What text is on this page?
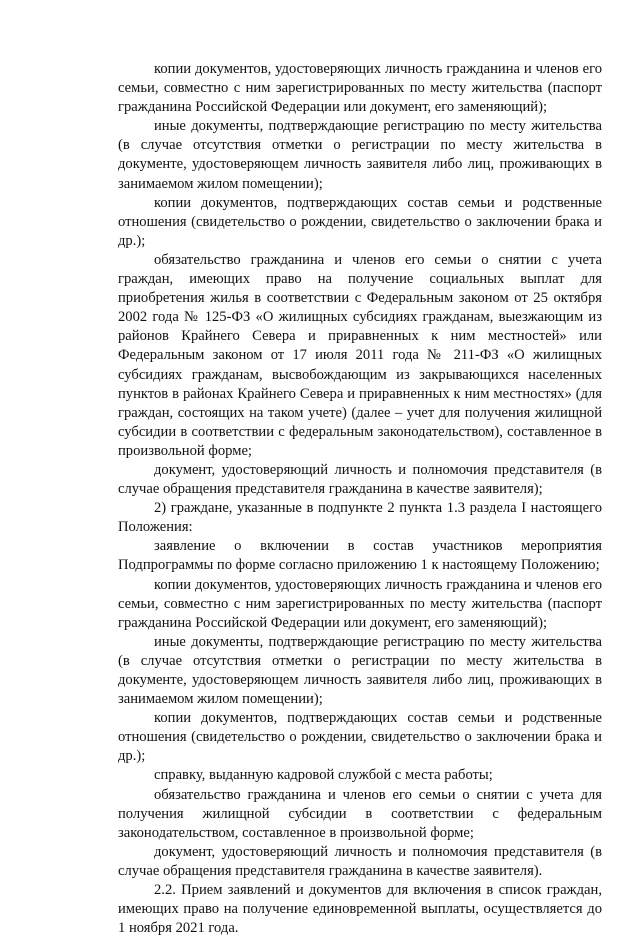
копии документов, удостоверяющих личность гражданина и членов его семьи, совместно с ним зарегистрированных по месту жительства (паспорт гражданина Российской Федерации или документ, его заменяющий);

иные документы, подтверждающие регистрацию по месту жительства (в случае отсутствия отметки о регистрации по месту жительства в документе, удостоверяющем личность заявителя либо лиц, проживающих в занимаемом жилом помещении);

копии документов, подтверждающих состав семьи и родственные отношения (свидетельство о рождении, свидетельство о заключении брака и др.);

обязательство гражданина и членов его семьи о снятии с учета граждан, имеющих право на получение социальных выплат для приобретения жилья в соответствии с Федеральным законом от 25 октября 2002 года № 125-ФЗ «О жилищных субсидиях гражданам, выезжающим из районов Крайнего Севера и приравненных к ним местностей» или Федеральным законом от 17 июля 2011 года № 211-ФЗ «О жилищных субсидиях гражданам, высвобождающим из закрывающихся населенных пунктов в районах Крайнего Севера и приравненных к ним местностях» (для граждан, состоящих на таком учете) (далее – учет для получения жилищной субсидии в соответствии с федеральным законодательством), составленное в произвольной форме;

документ, удостоверяющий личность и полномочия представителя (в случае обращения представителя гражданина в качестве заявителя);

2) граждане, указанные в подпункте 2 пункта 1.3 раздела I настоящего Положения:

заявление о включении в состав участников мероприятия Подпрограммы по форме согласно приложению 1 к настоящему Положению;

копии документов, удостоверяющих личность гражданина и членов его семьи, совместно с ним зарегистрированных по месту жительства (паспорт гражданина Российской Федерации или документ, его заменяющий);

иные документы, подтверждающие регистрацию по месту жительства (в случае отсутствия отметки о регистрации по месту жительства в документе, удостоверяющем личность заявителя либо лиц, проживающих в занимаемом жилом помещении);

копии документов, подтверждающих состав семьи и родственные отношения (свидетельство о рождении, свидетельство о заключении брака и др.);

справку, выданную кадровой службой с места работы;

обязательство гражданина и членов его семьи о снятии с учета для получения жилищной субсидии в соответствии с федеральным законодательством, составленное в произвольной форме;

документ, удостоверяющий личность и полномочия представителя (в случае обращения представителя гражданина в качестве заявителя).

2.2. Прием заявлений и документов для включения в список граждан, имеющих право на получение единовременной выплаты, осуществляется до 1 ноября 2021 года.
